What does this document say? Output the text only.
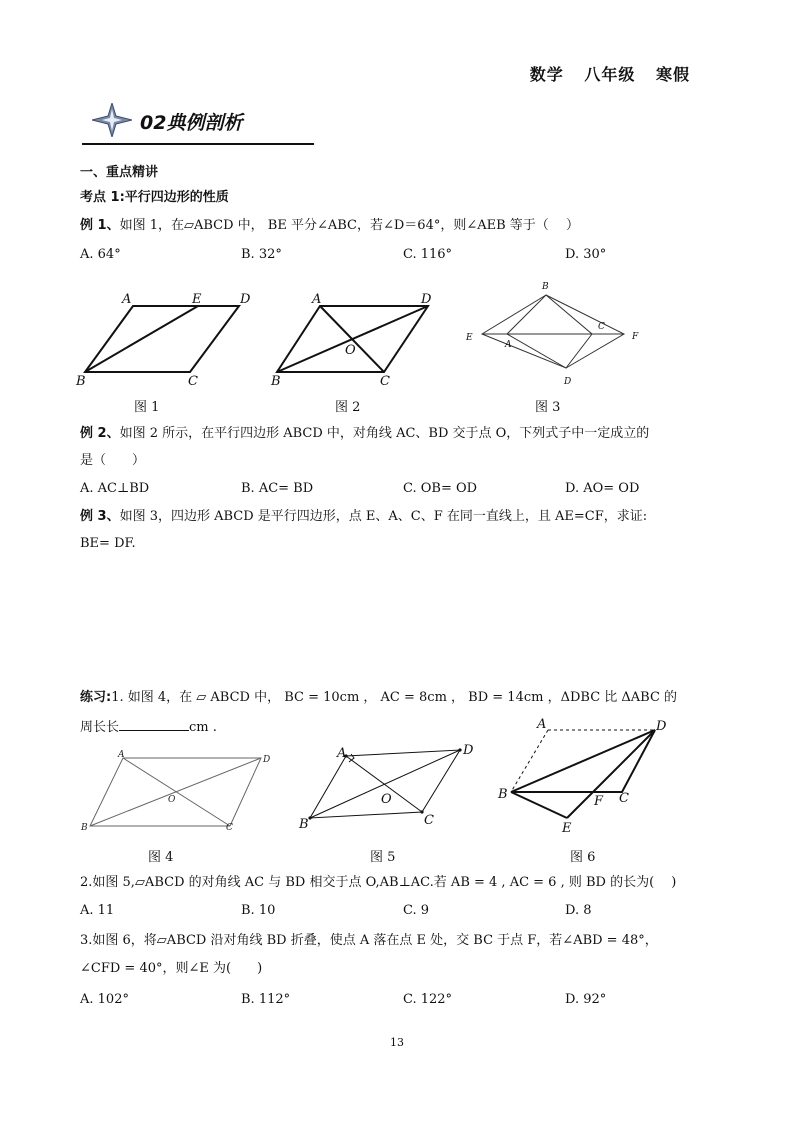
数学 八年级 寒假
02典例剖析
一、重点精讲
考点 1:平行四边形的性质
例 1、如图 1，在▱ABCD 中， BE 平分∠ABC，若∠D＝64°，则∠AEB 等于（　 ）
A. 64°	B. 32°	C. 116°	D. 30°
A	E	D
B	C
A	D
O
B	C
B
E
A
C
F
D
图 1	图 2	图 3
例 2、如图 2 所示，在平行四边形 ABCD 中，对角线 AC、BD 交于点 O，下列式子中一定成立的
是（　　）
A. AC⊥BD	B. AC= BD	C. OB= OD	D. AO= OD
例 3、如图 3，四边形 ABCD 是平行四边形，点 E、A、C、F 在同一直线上，且 AE=CF，求证:
BE= DF.
练习:1. 如图 4，在 ▱ ABCD 中， BC = 10cm ， AC = 8cm ， BD = 14cm ，ΔDBC 比 ΔABC 的
周长长	cm .
A	D
O
B	C
A	D
O
B	C
A	D
B	F C
E
图 4	图 5	图 6
2.如图 5,▱ABCD 的对角线 AC 与 BD 相交于点 O,AB⊥AC.若 AB = 4 , AC = 6 , 则 BD 的长为(　 )
A. 11	B. 10	C. 9	D. 8
3.如图 6，将▱ABCD 沿对角线 BD 折叠，使点 A 落在点 E 处，交 BC 于点 F，若∠ABD = 48°，
∠CFD = 40°，则∠E 为(　　)
A. 102°	B. 112°	C. 122°	D. 92°
13
